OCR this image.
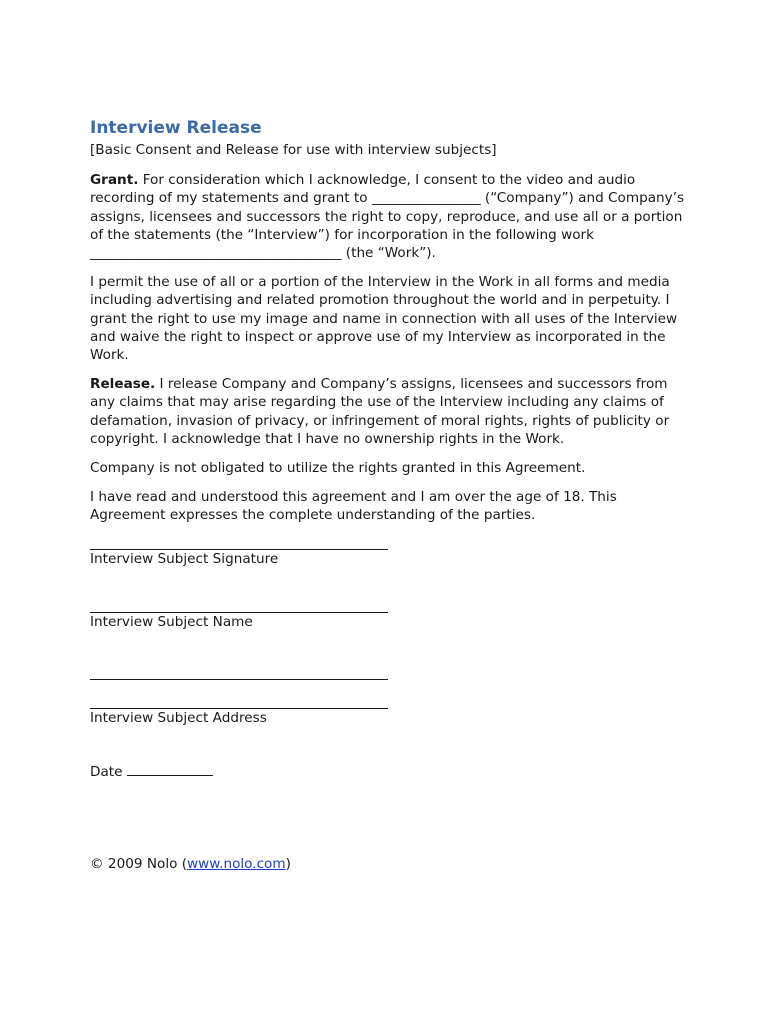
Interview Release
[Basic Consent and Release for use with interview subjects]

Grant. For consideration which I acknowledge, I consent to the video and audio recording of my statements and grant to ________________ (“Company”) and Company’s assigns, licensees and successors the right to copy, reproduce, and use all or a portion of the statements (the “Interview”) for incorporation in the following work _____________________________________ (the “Work”).

I permit the use of all or a portion of the Interview in the Work in all forms and media including advertising and related promotion throughout the world and in perpetuity. I grant the right to use my image and name in connection with all uses of the Interview and waive the right to inspect or approve use of my Interview as incorporated in the Work.

Release. I release Company and Company’s assigns, licensees and successors from any claims that may arise regarding the use of the Interview including any claims of defamation, invasion of privacy, or infringement of moral rights, rights of publicity or copyright. I acknowledge that I have no ownership rights in the Work.

Company is not obligated to utilize the rights granted in this Agreement.

I have read and understood this agreement and I am over the age of 18. This Agreement expresses the complete understanding of the parties.

Interview Subject Signature
Interview Subject Name
Interview Subject Address
Date
© 2009 Nolo (www.nolo.com)
